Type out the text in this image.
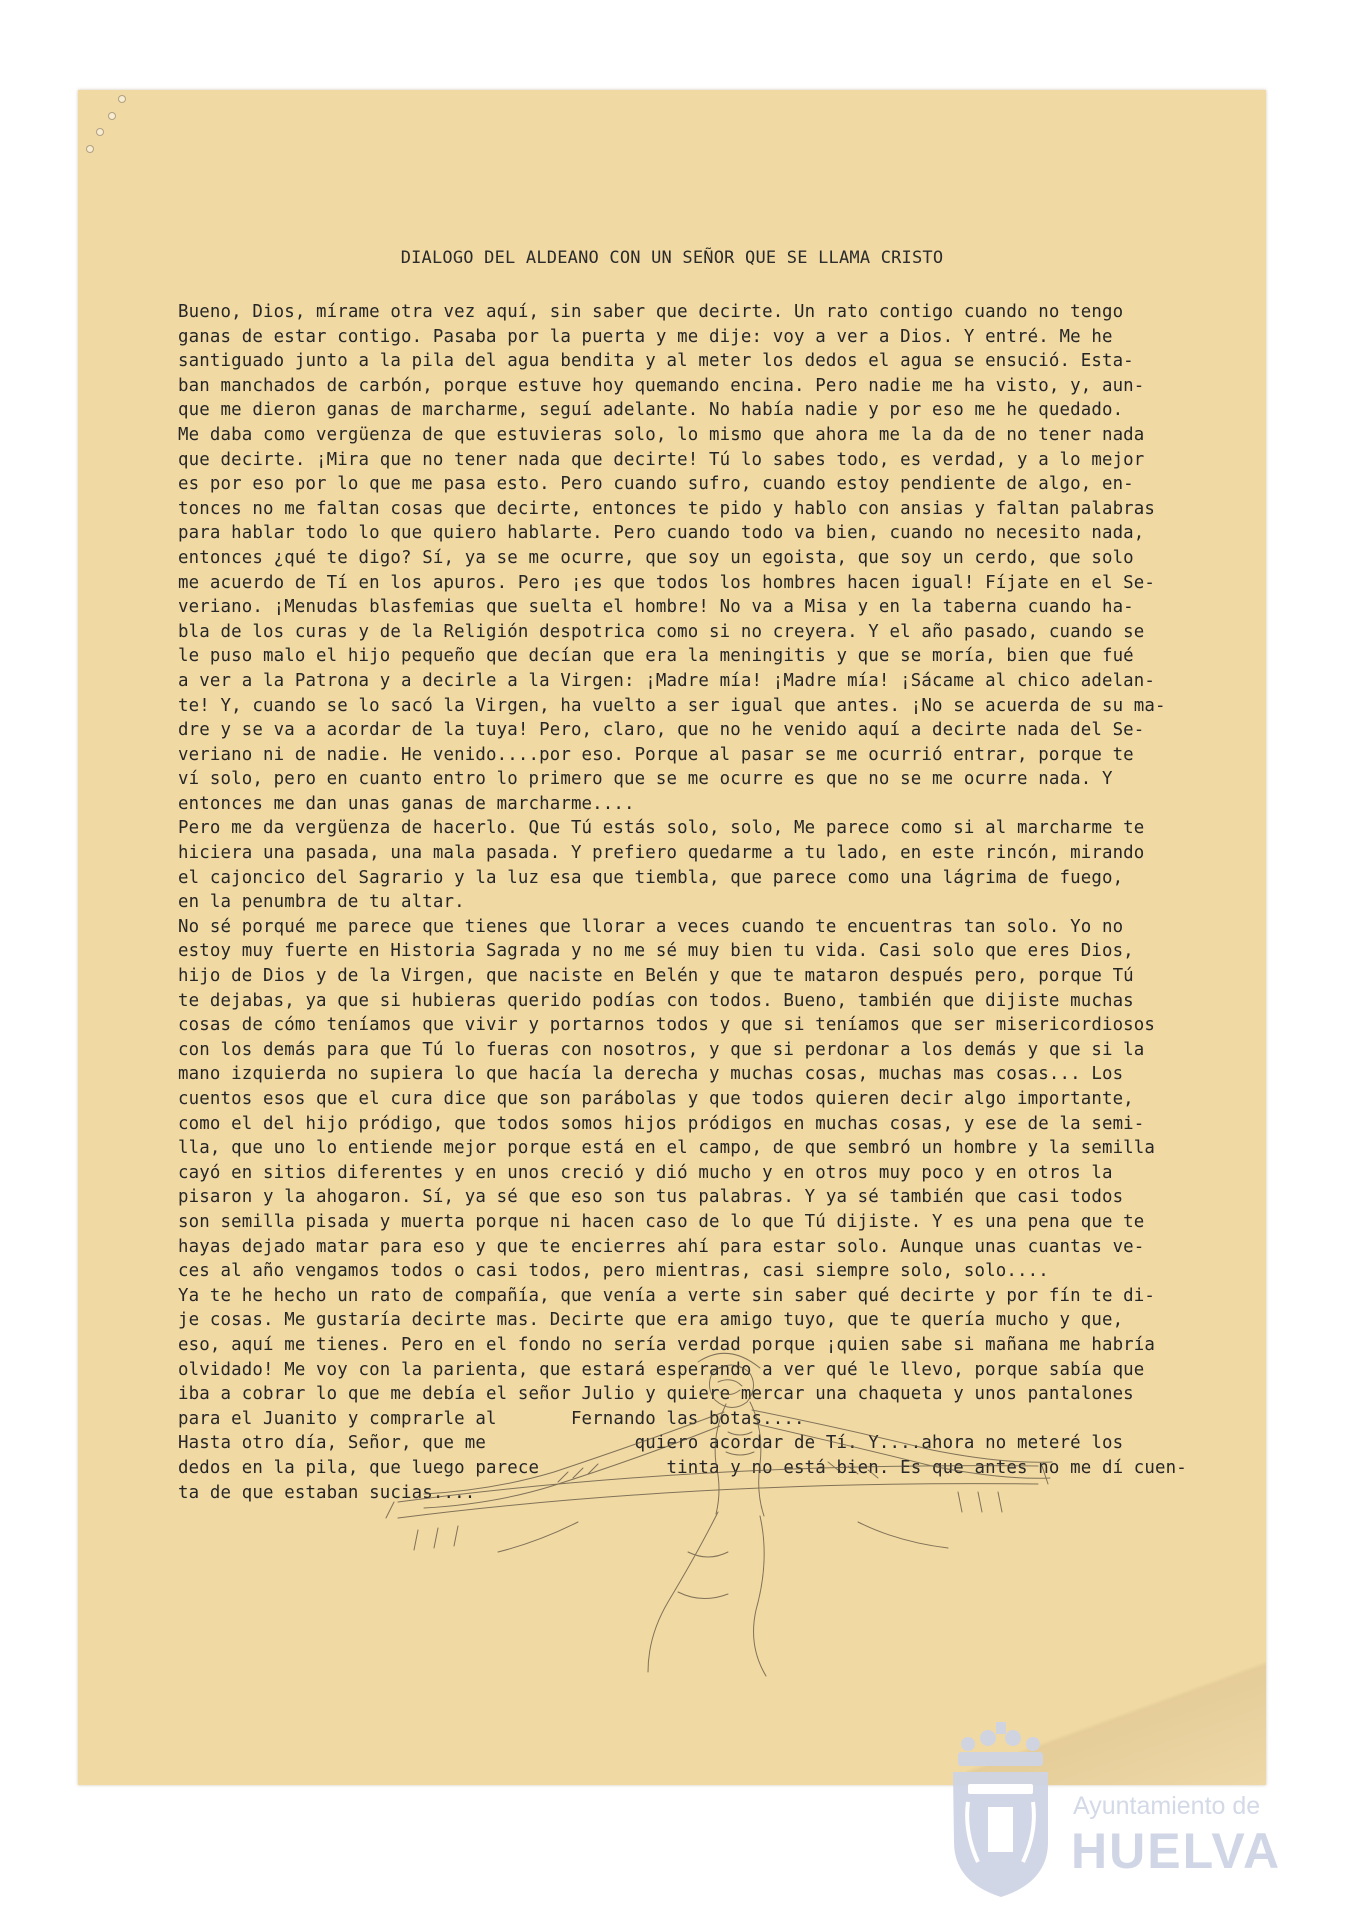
DIALOGO DEL ALDEANO CON UN SEÑOR QUE SE LLAMA CRISTO
Bueno, Dios, mírame otra vez aquí, sin saber que decirte. Un rato contigo cuando no tengo
ganas de estar contigo. Pasaba por la puerta y me dije: voy a ver a Dios. Y entré. Me he
santiguado junto a la pila del agua bendita y al meter los dedos el agua se ensució. Esta-
ban manchados de carbón, porque estuve hoy quemando encina. Pero nadie me ha visto, y, aun-
que me dieron ganas de marcharme, seguí adelante. No había nadie y por eso me he quedado.
Me daba como vergüenza de que estuvieras solo, lo mismo que ahora me la da de no tener nada
que decirte. ¡Mira que no tener nada que decirte! Tú lo sabes todo, es verdad, y a lo mejor
es por eso por lo que me pasa esto. Pero cuando sufro, cuando estoy pendiente de algo, en-
tonces no me faltan cosas que decirte, entonces te pido y hablo con ansias y faltan palabras
para hablar todo lo que quiero hablarte. Pero cuando todo va bien, cuando no necesito nada,
entonces ¿qué te digo? Sí, ya se me ocurre, que soy un egoista, que soy un cerdo, que solo
me acuerdo de Tí en los apuros. Pero ¡es que todos los hombres hacen igual! Fíjate en el Se-
veriano. ¡Menudas blasfemias que suelta el hombre! No va a Misa y en la taberna cuando ha-
bla de los curas y de la Religión despotrica como si no creyera. Y el año pasado, cuando se
le puso malo el hijo pequeño que decían que era la meningitis y que se moría, bien que fué
a ver a la Patrona y a decirle a la Virgen: ¡Madre mía! ¡Madre mía! ¡Sácame al chico adelan-
te! Y, cuando se lo sacó la Virgen, ha vuelto a ser igual que antes. ¡No se acuerda de su ma-
dre y se va a acordar de la tuya! Pero, claro, que no he venido aquí a decirte nada del Se-
veriano ni de nadie. He venido....por eso. Porque al pasar se me ocurrió entrar, porque te
ví solo, pero en cuanto entro lo primero que se me ocurre es que no se me ocurre nada. Y
entonces me dan unas ganas de marcharme....
Pero me da vergüenza de hacerlo. Que Tú estás solo, solo, Me parece como si al marcharme te
hiciera una pasada, una mala pasada. Y prefiero quedarme a tu lado, en este rincón, mirando
el cajoncico del Sagrario y la luz esa que tiembla, que parece como una lágrima de fuego,
en la penumbra de tu altar.
No sé porqué me parece que tienes que llorar a veces cuando te encuentras tan solo. Yo no
estoy muy fuerte en Historia Sagrada y no me sé muy bien tu vida. Casi solo que eres Dios,
hijo de Dios y de la Virgen, que naciste en Belén y que te mataron después pero, porque Tú
te dejabas, ya que si hubieras querido podías con todos. Bueno, también que dijiste muchas
cosas de cómo teníamos que vivir y portarnos todos y que si teníamos que ser misericordiosos
con los demás para que Tú lo fueras con nosotros, y que si perdonar a los demás y que si la
mano izquierda no supiera lo que hacía la derecha y muchas cosas, muchas mas cosas... Los
cuentos esos que el cura dice que son parábolas y que todos quieren decir algo importante,
como el del hijo pródigo, que todos somos hijos pródigos en muchas cosas, y ese de la semi-
lla, que uno lo entiende mejor porque está en el campo, de que sembró un hombre y la semilla
cayó en sitios diferentes y en unos creció y dió mucho y en otros muy poco y en otros la
pisaron y la ahogaron. Sí, ya sé que eso son tus palabras. Y ya sé también que casi todos
son semilla pisada y muerta porque ni hacen caso de lo que Tú dijiste. Y es una pena que te
hayas dejado matar para eso y que te encierres ahí para estar solo. Aunque unas cuantas ve-
ces al año vengamos todos o casi todos, pero mientras, casi siempre solo, solo....
Ya te he hecho un rato de compañía, que venía a verte sin saber qué decirte y por fín te di-
je cosas. Me gustaría decirte mas. Decirte que era amigo tuyo, que te quería mucho y que,
eso, aquí me tienes. Pero en el fondo no sería verdad porque ¡quien sabe si mañana me habría
olvidado! Me voy con la parienta, que estará esperando a ver qué le llevo, porque sabía que
iba a cobrar lo que me debía el señor Julio y quiere mercar una chaqueta y unos pantalones
para el Juanito y comprarle al       Fernando las botas....
Hasta otro día, Señor, que me              quiero acordar de Tí. Y....ahora no meteré los
dedos en la pila, que luego parece            tinta y no está bien. Es que antes no me dí cuen-
ta de que estaban sucias....
Ayuntamiento de
HUELVA
